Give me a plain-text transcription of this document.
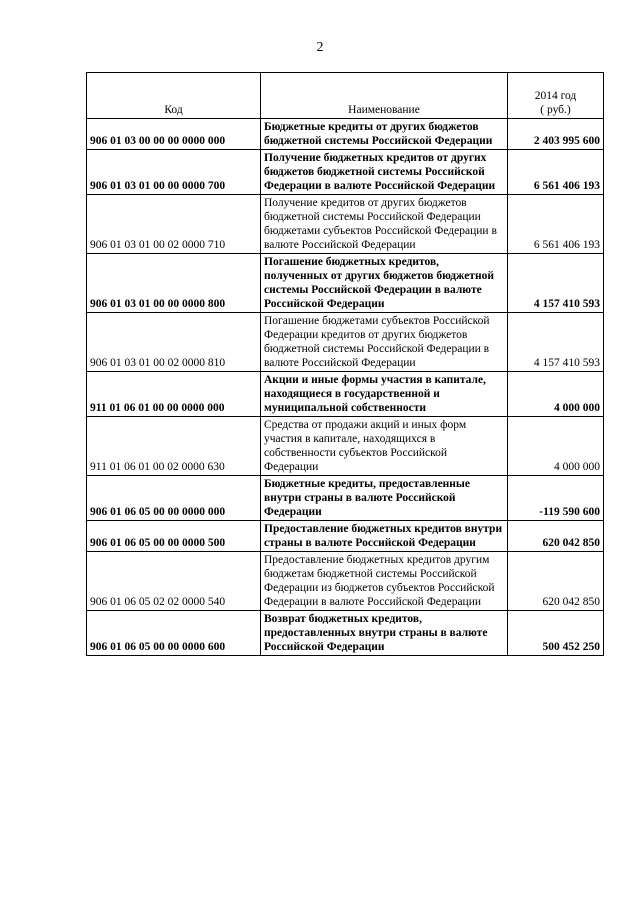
2
Код	Наименование	2014 год
( руб.)
906 01 03 00 00 00 0000 000	Бюджетные кредиты от других бюджетов бюджетной системы Российской Федерации	2 403 995 600
906 01 03 01 00 00 0000 700	Получение бюджетных кредитов от других бюджетов бюджетной системы Российской Федерации в валюте Российской Федерации	6 561 406 193
906 01 03 01 00 02 0000 710	Получение кредитов от других бюджетов бюджетной системы Российской Федерации бюджетами субъектов Российской Федерации в валюте Российской Федерации	6 561 406 193
906 01 03 01 00 00 0000 800	Погашение бюджетных кредитов, полученных от других бюджетов бюджетной системы Российской Федерации в валюте Российской Федерации	4 157 410 593
906 01 03 01 00 02 0000 810	Погашение бюджетами субъектов Российской Федерации кредитов от других бюджетов бюджетной системы Российской Федерации в валюте Российской Федерации	4 157 410 593
911 01 06 01 00 00 0000 000	Акции и иные формы участия в капитале, находящиеся в государственной и муниципальной собственности	4 000 000
911 01 06 01 00 02 0000 630	Средства от продажи акций и иных форм участия в капитале, находящихся в собственности субъектов Российской Федерации	4 000 000
906 01 06 05 00 00 0000 000	Бюджетные кредиты, предоставленные внутри страны в валюте Российской Федерации	-119 590 600
906 01 06 05 00 00 0000 500	Предоставление бюджетных кредитов внутри страны в валюте Российской Федерации	620 042 850
906 01 06 05 02 02 0000 540	Предоставление бюджетных кредитов другим бюджетам бюджетной системы Российской Федерации из бюджетов субъектов Российской Федерации в валюте Российской Федерации	620 042 850
906 01 06 05 00 00 0000 600	Возврат бюджетных кредитов, предоставленных внутри страны в валюте Российской Федерации	500 452 250
